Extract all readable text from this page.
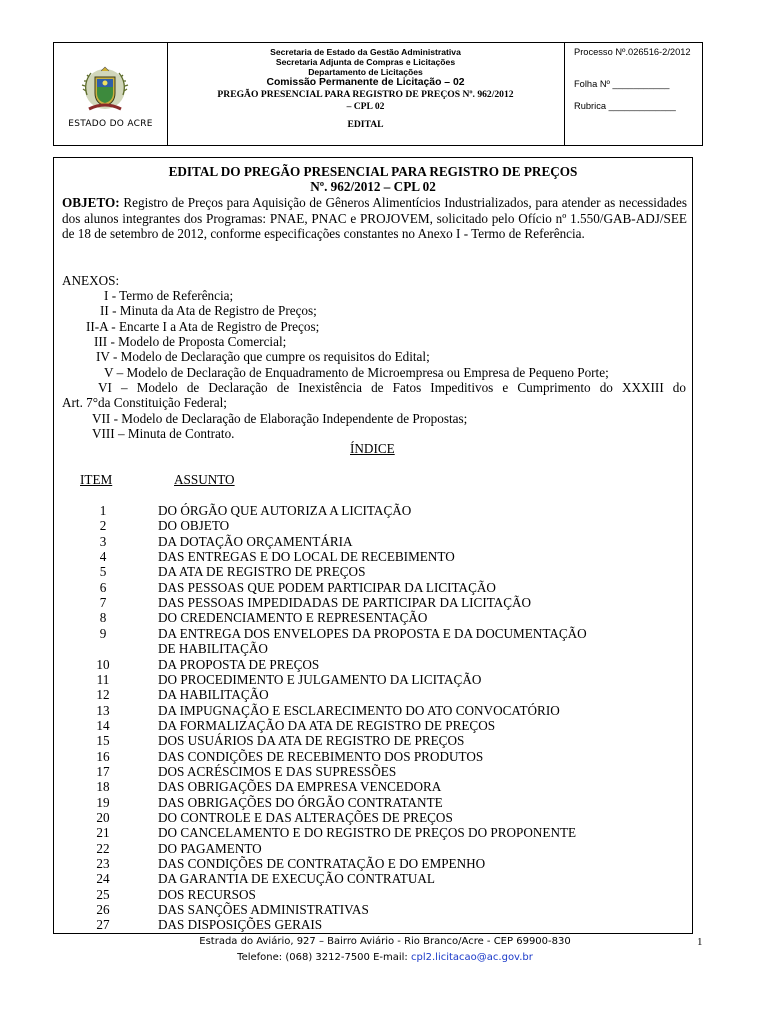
ESTADO DO ACRE
Secretaria de Estado da Gestão Administrativa
Secretaria Adjunta de Compras e Licitações
Departamento de Licitações
Comissão Permanente de Licitação – 02
PREGÃO PRESENCIAL PARA REGISTRO DE PREÇOS Nº. 962/2012
– CPL 02
EDITAL
Processo Nº.026516-2/2012
Folha Nº ___________
Rubrica _____________
EDITAL DO PREGÃO PRESENCIAL PARA REGISTRO DE PREÇOS
Nº. 962/2012 – CPL 02
OBJETO: Registro de Preços para Aquisição de Gêneros Alimentícios Industrializados, para atender as necessidades dos alunos integrantes dos Programas: PNAE, PNAC e PROJOVEM, solicitado pelo Ofício nº 1.550/GAB-ADJ/SEE de 18 de setembro de 2012, conforme especificações constantes no Anexo I - Termo de Referência.
ANEXOS:
I - Termo de Referência;
II - Minuta da Ata de Registro de Preços;
II-A - Encarte I a Ata de Registro de Preços;
III - Modelo de Proposta Comercial;
IV - Modelo de Declaração que cumpre os requisitos do Edital;
V – Modelo de Declaração de Enquadramento de Microempresa ou Empresa de Pequeno Porte;
VI – Modelo de Declaração de Inexistência de Fatos Impeditivos e Cumprimento do XXXIII do
Art. 7°da Constituição Federal;
VII - Modelo de Declaração de Elaboração Independente de Propostas;
VIII – Minuta de Contrato.
ÍNDICE
ITEM	ASSUNTO
1	DO ÓRGÃO QUE AUTORIZA A LICITAÇÃO
2	DO OBJETO
3	DA DOTAÇÃO ORÇAMENTÁRIA
4	DAS ENTREGAS E DO LOCAL DE RECEBIMENTO
5	DA ATA DE REGISTRO DE PREÇOS
6	DAS PESSOAS QUE PODEM PARTICIPAR DA LICITAÇÃO
7	DAS PESSOAS IMPEDIDADAS DE PARTICIPAR DA LICITAÇÃO
8	DO CREDENCIAMENTO E REPRESENTAÇÃO
9	DA ENTREGA DOS ENVELOPES DA PROPOSTA E DA DOCUMENTAÇÃO
DE HABILITAÇÃO
10	DA PROPOSTA DE PREÇOS
11	DO PROCEDIMENTO E JULGAMENTO DA LICITAÇÃO
12	DA HABILITAÇÃO
13	DA IMPUGNAÇÃO E ESCLARECIMENTO DO ATO CONVOCATÓRIO
14	DA FORMALIZAÇÃO DA ATA DE REGISTRO DE PREÇOS
15	DOS USUÁRIOS DA ATA DE REGISTRO DE PREÇOS
16	DAS CONDIÇÕES DE RECEBIMENTO DOS PRODUTOS
17	DOS ACRÉSCIMOS E DAS SUPRESSÕES
18	DAS OBRIGAÇÕES DA EMPRESA VENCEDORA
19	DAS OBRIGAÇÕES DO ÓRGÃO CONTRATANTE
20	DO CONTROLE E DAS ALTERAÇÕES DE PREÇOS
21	DO CANCELAMENTO E DO REGISTRO DE PREÇOS DO PROPONENTE
22	DO PAGAMENTO
23	DAS CONDIÇÕES DE CONTRATAÇÃO E DO EMPENHO
24	DA GARANTIA DE EXECUÇÃO CONTRATUAL
25	DOS RECURSOS
26	DAS SANÇÕES ADMINISTRATIVAS
27	DAS DISPOSIÇÕES GERAIS
Estrada do Aviário, 927 – Bairro Aviário - Rio Branco/Acre - CEP 69900-830
Telefone: (068) 3212-7500 E-mail: cpl2.licitacao@ac.gov.br
1
